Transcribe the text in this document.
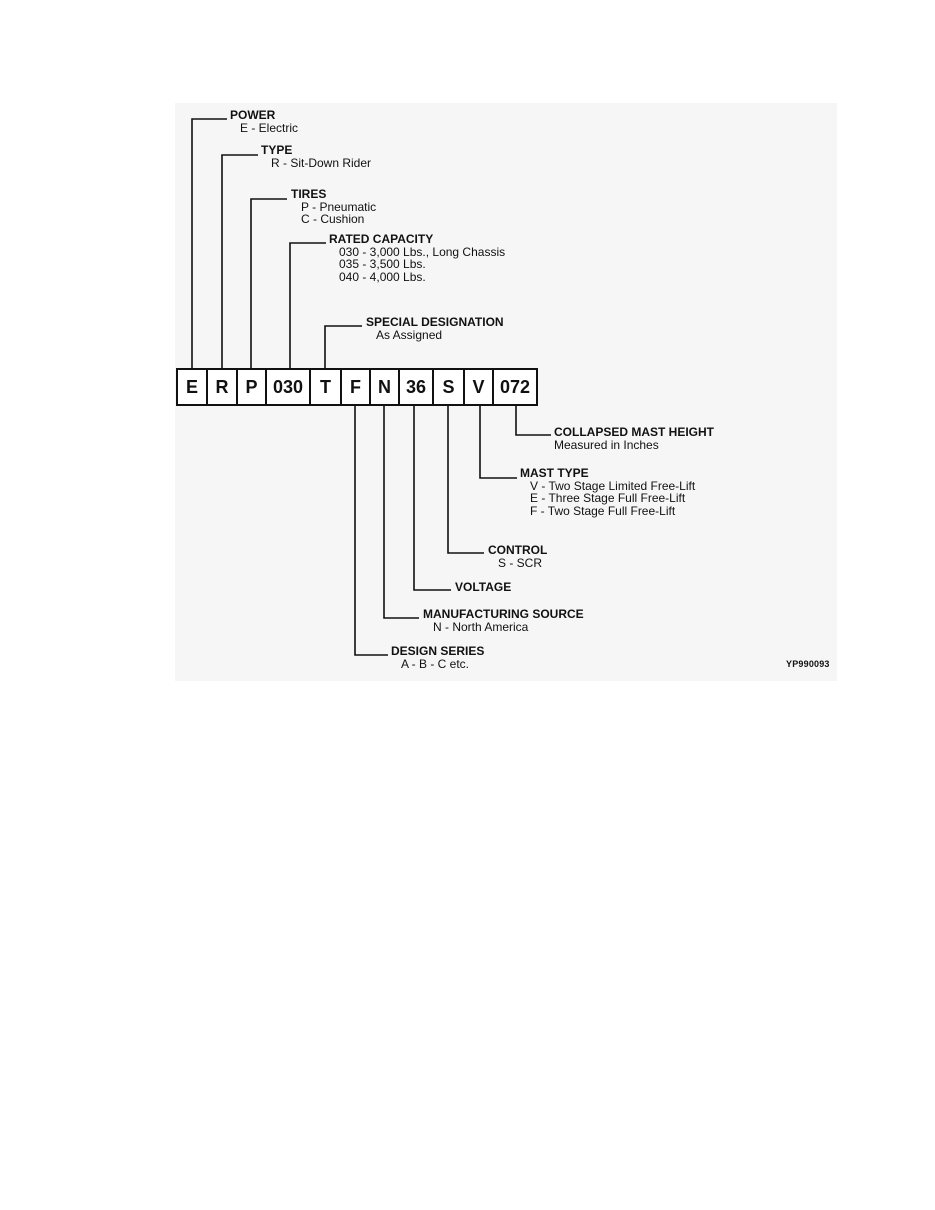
E R P 030 T	F N 36 S V 072
POWER
E - Electric
TYPE
R - Sit-Down Rider
TIRES
P - Pneumatic
C - Cushion
RATED CAPACITY
030 - 3,000 Lbs., Long Chassis
035 - 3,500 Lbs.
040 - 4,000 Lbs.
SPECIAL DESIGNATION
As Assigned
COLLAPSED MAST HEIGHT
Measured in Inches
MAST TYPE
V - Two Stage Limited Free-Lift
E - Three Stage Full Free-Lift
F - Two Stage Full Free-Lift
CONTROL
S - SCR
VOLTAGE
MANUFACTURING SOURCE
N - North America
DESIGN SERIES
A - B - C etc.	YP990093
